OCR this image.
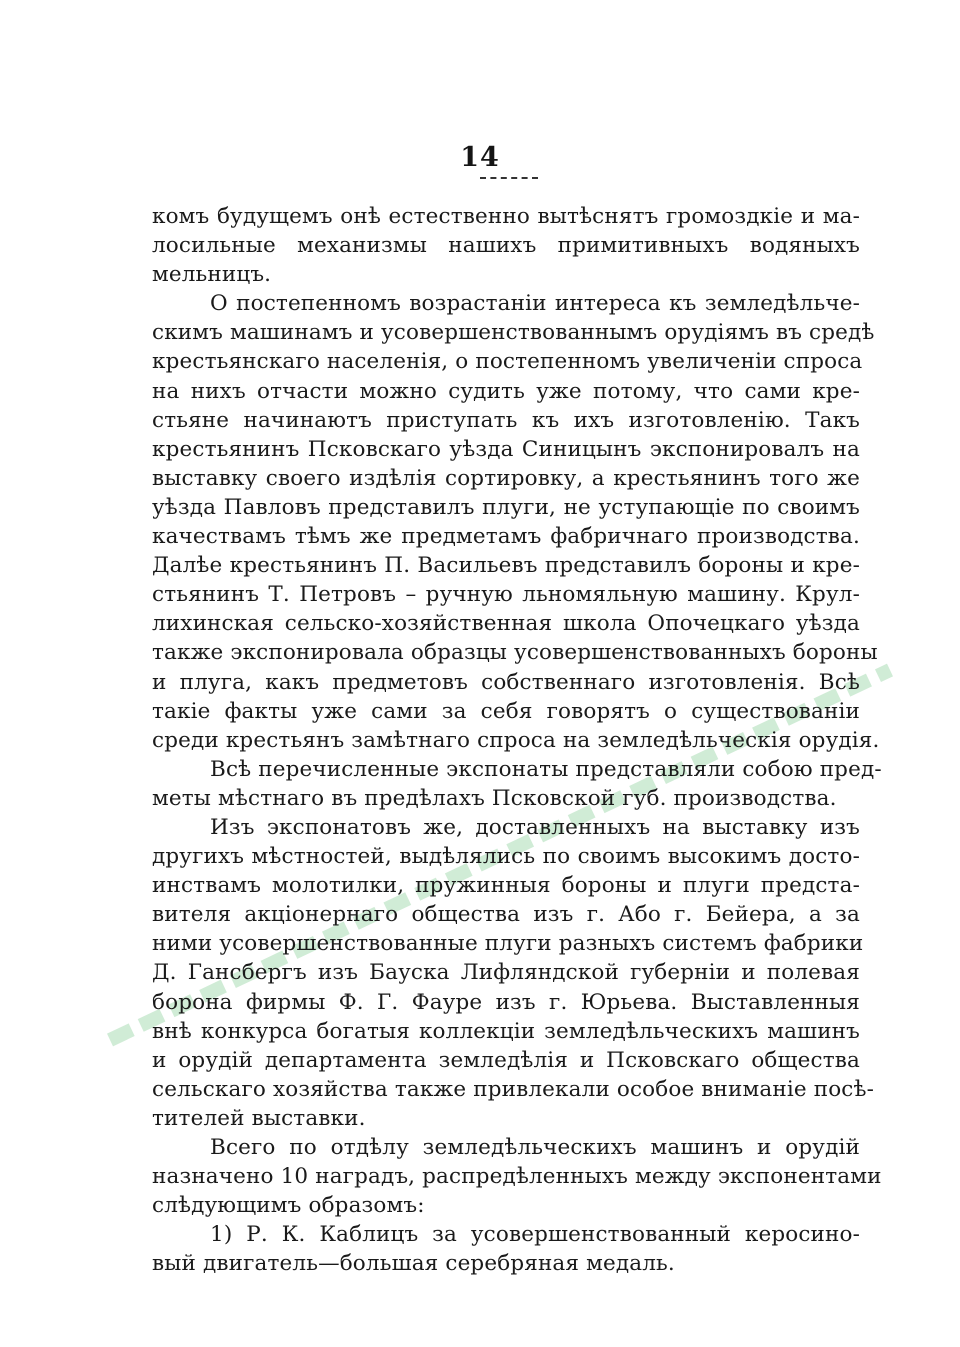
14
комъ будущемъ онѣ естественно вытѣснятъ громоздкіе и ма-
лосильные механизмы нашихъ примитивныхъ водяныхъ
мельницъ.
О постепенномъ возрастаніи интереса къ земледѣльче-
скимъ машинамъ и усовершенствованнымъ орудіямъ въ средѣ
крестьянскаго населенія, о постепенномъ увеличеніи спроса
на нихъ отчасти можно судить уже потому, что сами кре-
стьяне начинаютъ приступать къ ихъ изготовленію. Такъ
крестьянинъ Псковскаго уѣзда Синицынъ экспонировалъ на
выставку своего издѣлія сортировку, а крестьянинъ того же
уѣзда Павловъ представилъ плуги, не уступающіе по своимъ
качествамъ тѣмъ же предметамъ фабричнаго производства.
Далѣе крестьянинъ П. Васильевъ представилъ бороны и кре-
стьянинъ Т. Петровъ – ручную льномяльную машину. Крул-
лихинская сельско-хозяйственная школа Опочецкаго уѣзда
также экспонировала образцы усовершенствованныхъ бороны
и плуга, какъ предметовъ собственнаго изготовленія. Всѣ
такіе факты уже сами за себя говорятъ о существованіи
среди крестьянъ замѣтнаго спроса на земледѣльческія орудія.
Всѣ перечисленные экспонаты представляли собою пред-
меты мѣстнаго въ предѣлахъ Псковской губ. производства.
Изъ экспонатовъ же, доставленныхъ на выставку изъ
другихъ мѣстностей, выдѣлялись по своимъ высокимъ досто-
инствамъ молотилки, пружинныя бороны и плуги предста-
вителя акціонернаго общества изъ г. Або г. Бейера, а за
ними усовершенствованные плуги разныхъ системъ фабрики
Д. Гансбергъ изъ Бауска Лифляндской губерніи и полевая
борона фирмы Ф. Г. Фауре изъ г. Юрьева. Выставленныя
внѣ конкурса богатыя коллекціи земледѣльческихъ машинъ
и орудій департамента земледѣлія и Псковскаго общества
сельскаго хозяйства также привлекали особое вниманіе посѣ-
тителей выставки.
Всего по отдѣлу земледѣльческихъ машинъ и орудій
назначено 10 наградъ, распредѣленныхъ между экспонентами
слѣдующимъ образомъ:
1) Р. К. Каблицъ за усовершенствованный керосино-
вый двигатель—большая серебряная медаль.
